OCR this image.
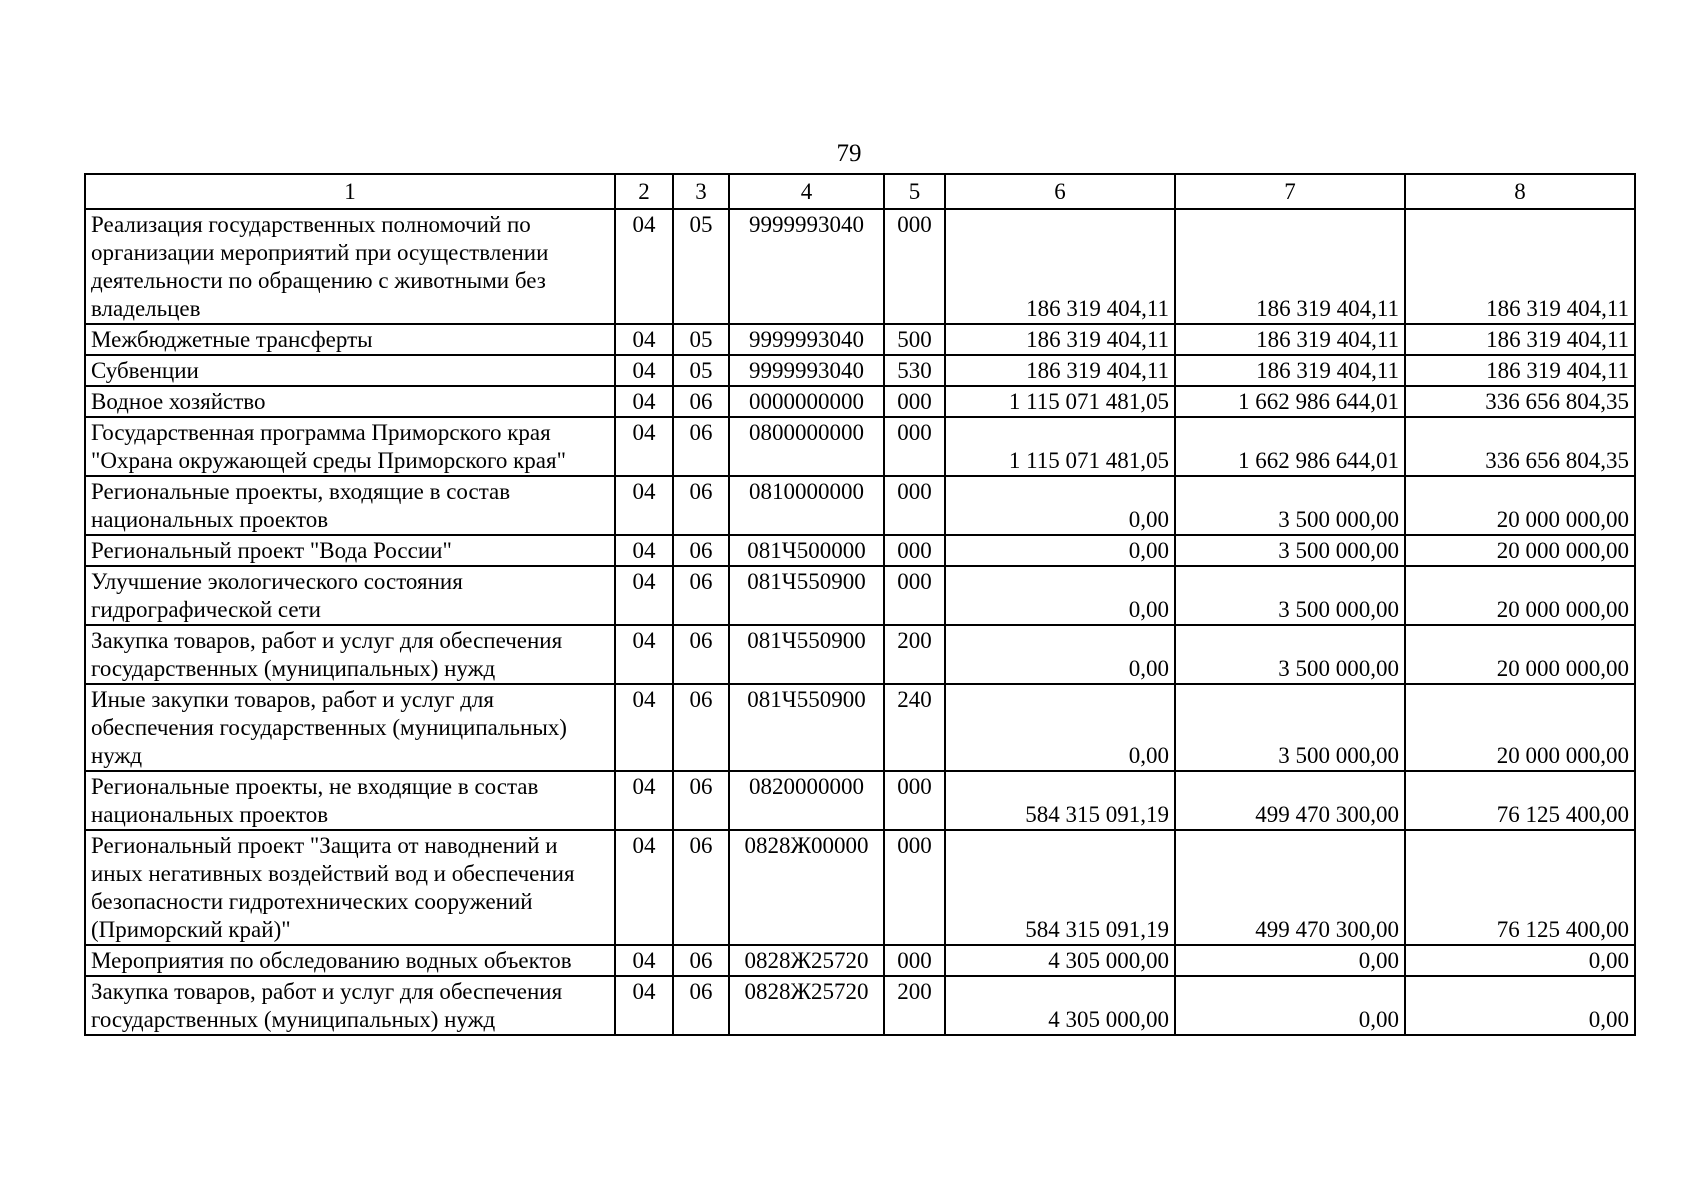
79
1	2	3	4	5	6	7	8
Реализация государственных полномочий по организации мероприятий при осуществлении деятельности по обращению с животными без владельцев	04	05	9999993040	000	186 319 404,11	186 319 404,11	186 319 404,11
Межбюджетные трансферты	04	05	9999993040	500	186 319 404,11	186 319 404,11	186 319 404,11
Субвенции	04	05	9999993040	530	186 319 404,11	186 319 404,11	186 319 404,11
Водное хозяйство	04	06	0000000000	000	1 115 071 481,05	1 662 986 644,01	336 656 804,35
Государственная программа Приморского края "Охрана окружающей среды Приморского края"	04	06	0800000000	000	1 115 071 481,05	1 662 986 644,01	336 656 804,35
Региональные проекты, входящие в состав национальных проектов	04	06	0810000000	000	0,00	3 500 000,00	20 000 000,00
Региональный проект "Вода России"	04	06	081Ч500000	000	0,00	3 500 000,00	20 000 000,00
Улучшение экологического состояния гидрографической сети	04	06	081Ч550900	000	0,00	3 500 000,00	20 000 000,00
Закупка товаров, работ и услуг для обеспечения государственных (муниципальных) нужд	04	06	081Ч550900	200	0,00	3 500 000,00	20 000 000,00
Иные закупки товаров, работ и услуг для обеспечения государственных (муниципальных) нужд	04	06	081Ч550900	240	0,00	3 500 000,00	20 000 000,00
Региональные проекты, не входящие в состав национальных проектов	04	06	0820000000	000	584 315 091,19	499 470 300,00	76 125 400,00
Региональный проект "Защита от наводнений и иных негативных воздействий вод и обеспечения безопасности гидротехнических сооружений (Приморский край)"	04	06	0828Ж00000	000	584 315 091,19	499 470 300,00	76 125 400,00
Мероприятия по обследованию водных объектов	04	06	0828Ж25720	000	4 305 000,00	0,00	0,00
Закупка товаров, работ и услуг для обеспечения государственных (муниципальных) нужд	04	06	0828Ж25720	200	4 305 000,00	0,00	0,00
